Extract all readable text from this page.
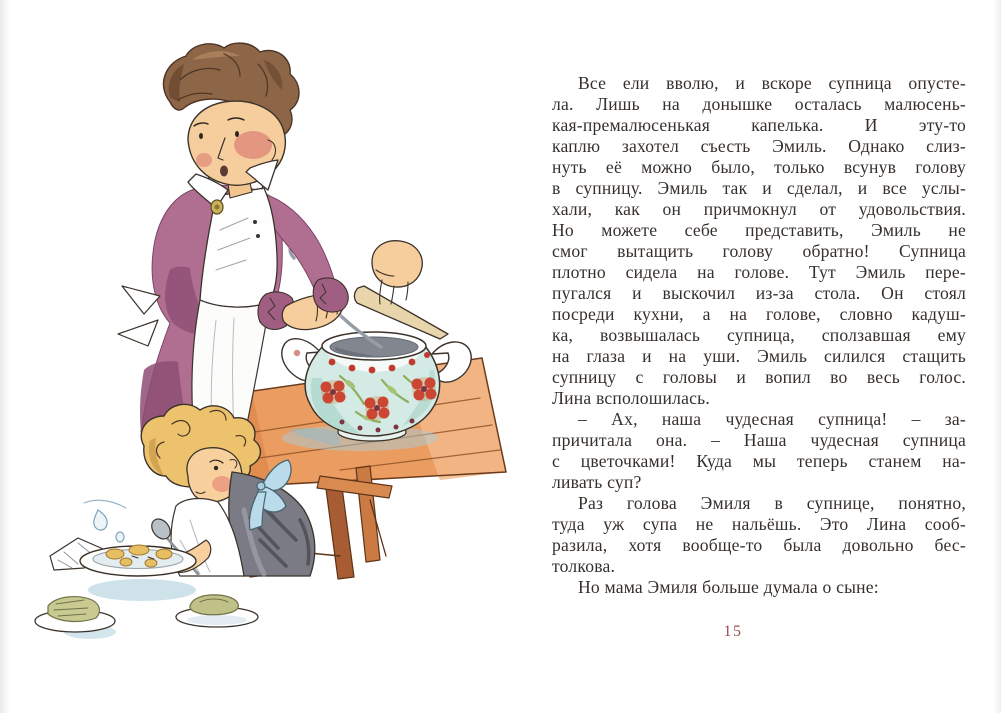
Все ели вволю, и вскоре супница опусте-
ла. Лишь на донышке осталась малюсень-
кая-премалюсенькая капелька. И эту-то
каплю захотел съесть Эмиль. Однако слиз-
нуть её можно было, только всунув голову
в супницу. Эмиль так и сделал, и все услы-
хали, как он причмокнул от удовольствия.
Но можете себе представить, Эмиль не
смог вытащить голову обратно! Супница
плотно сидела на голове. Тут Эмиль пере-
пугался и выскочил из-за стола. Он стоял
посреди кухни, а на голове, словно кадуш-
ка, возвышалась супница, сползавшая ему
на глаза и на уши. Эмиль силился стащить
супницу с головы и вопил во весь голос.
Лина всполошилась.
– Ах, наша чудесная супница! – за-
причитала она. – Наша чудесная супница
с цветочками! Куда мы теперь станем на-
ливать суп?
Раз голова Эмиля в супнице, понятно,
туда уж супа не нальёшь. Это Лина сооб-
разила, хотя вообще-то была довольно бес-
толкова.
Но мама Эмиля больше думала о сыне:
15
